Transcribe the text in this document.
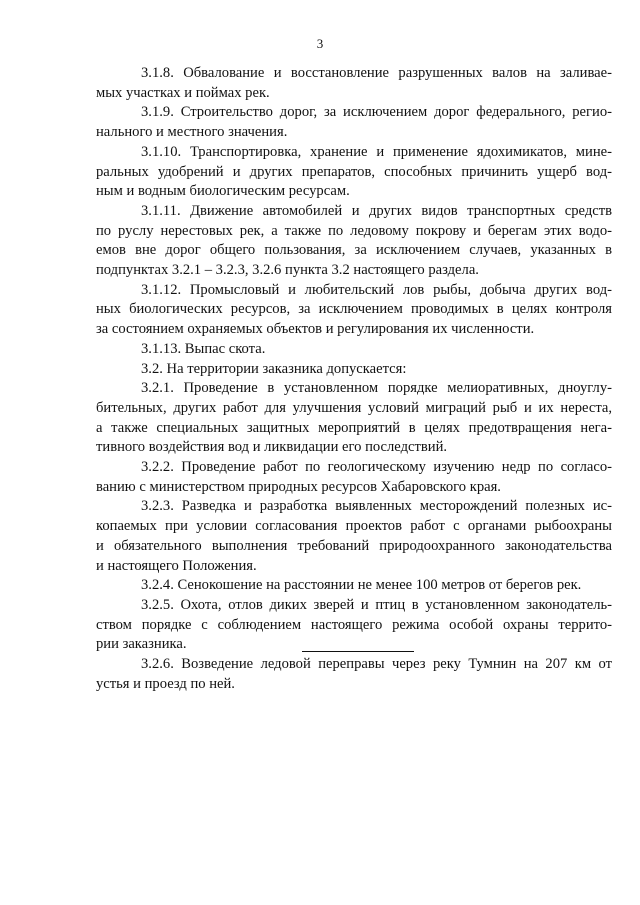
3
3.1.8. Обвалование и восстановление разрушенных валов на заливае-
мых участках и поймах рек.
3.1.9. Строительство дорог, за исключением дорог федерального, регио-
нального и местного значения.
3.1.10. Транспортировка, хранение и применение ядохимикатов, мине-
ральных удобрений и других препаратов, способных причинить ущерб вод-
ным и водным биологическим ресурсам.
3.1.11. Движение автомобилей и других видов транспортных средств
по руслу нерестовых рек, а также по ледовому покрову и берегам этих водо-
емов вне дорог общего пользования, за исключением случаев, указанных в
подпунктах 3.2.1 – 3.2.3, 3.2.6 пункта 3.2 настоящего раздела.
3.1.12. Промысловый и любительский лов рыбы, добыча других вод-
ных биологических ресурсов, за исключением проводимых в целях контроля
за состоянием охраняемых объектов и регулирования их численности.
3.1.13. Выпас скота.
3.2. На территории заказника допускается:
3.2.1. Проведение в установленном порядке мелиоративных, дноуглу-
бительных, других работ для улучшения условий миграций рыб и их нереста,
а также специальных защитных мероприятий в целях предотвращения нега-
тивного воздействия вод и ликвидации его последствий.
3.2.2. Проведение работ по геологическому изучению недр по согласо-
ванию с министерством природных ресурсов Хабаровского края.
3.2.3. Разведка и разработка выявленных месторождений полезных ис-
копаемых при условии согласования проектов работ с органами рыбоохраны
и обязательного выполнения требований природоохранного законодательства
и настоящего Положения.
3.2.4. Сенокошение на расстоянии не менее 100 метров от берегов рек.
3.2.5. Охота, отлов диких зверей и птиц в установленном законодатель-
ством порядке с соблюдением настоящего режима особой охраны террито-
рии заказника.
3.2.6. Возведение ледовой переправы через реку Тумнин на 207 км от
устья и проезд по ней.
